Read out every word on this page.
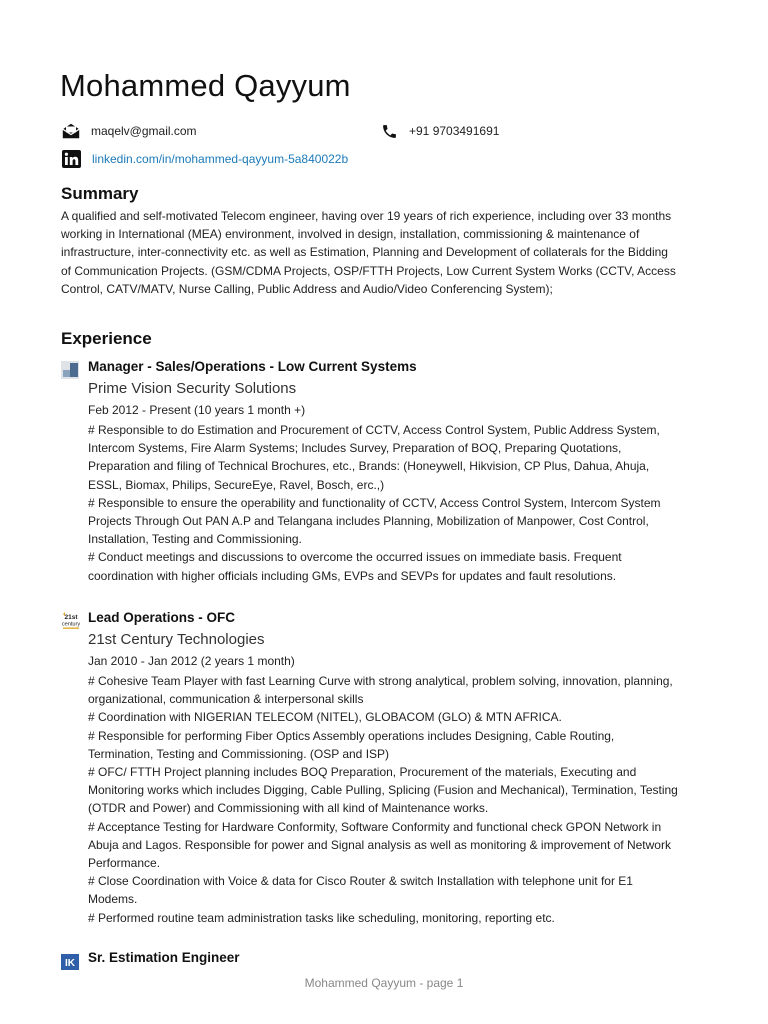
Mohammed Qayyum
maqelv@gmail.com	+91 9703491691
linkedin.com/in/mohammed-qayyum-5a840022b
Summary

A qualified and self-motivated Telecom engineer, having over 19 years of rich experience, including over 33 months working in International (MEA) environment, involved in design, installation, commissioning & maintenance of infrastructure, inter-connectivity etc. as well as Estimation, Planning and Development of collaterals for the Bidding of Communication Projects. (GSM/CDMA Projects, OSP/FTTH Projects, Low Current System Works (CCTV, Access Control, CATV/MATV, Nurse Calling, Public Address and Audio/Video Conferencing System);

Experience
Manager - Sales/Operations - Low Current Systems
Prime Vision Security Solutions
Feb 2012 - Present (10 years 1 month +)

# Responsible to do Estimation and Procurement of CCTV, Access Control System, Public Address System, Intercom Systems, Fire Alarm Systems; Includes Survey, Preparation of BOQ, Preparing Quotations, Preparation and filing of Technical Brochures, etc., Brands: (Honeywell, Hikvision, CP Plus, Dahua, Ahuja, ESSL, Biomax, Philips, SecureEye, Ravel, Bosch, erc.,)

# Responsible to ensure the operability and functionality of CCTV, Access Control System, Intercom System Projects Through Out PAN A.P and Telangana includes Planning, Mobilization of Manpower, Cost Control, Installation, Testing and Commissioning.

# Conduct meetings and discussions to overcome the occurred issues on immediate basis. Frequent coordination with higher officials including GMs, EVPs and SEVPs for updates and fault resolutions.

21st
century Lead Operations - OFC
21st Century Technologies
Jan 2010 - Jan 2012 (2 years 1 month)

# Cohesive Team Player with fast Learning Curve with strong analytical, problem solving, innovation, planning, organizational, communication & interpersonal skills

# Coordination with NIGERIAN TELECOM (NITEL), GLOBACOM (GLO) & MTN AFRICA.

# Responsible for performing Fiber Optics Assembly operations includes Designing, Cable Routing, Termination, Testing and Commissioning. (OSP and ISP)

# OFC/ FTTH Project planning includes BOQ Preparation, Procurement of the materials, Executing and Monitoring works which includes Digging, Cable Pulling, Splicing (Fusion and Mechanical), Termination, Testing (OTDR and Power) and Commissioning with all kind of Maintenance works.

# Acceptance Testing for Hardware Conformity, Software Conformity and functional check GPON Network in Abuja and Lagos. Responsible for power and Signal analysis as well as monitoring & improvement of Network Performance.

# Close Coordination with Voice & data for Cisco Router & switch Installation with telephone unit for E1 Modems.

# Performed routine team administration tasks like scheduling, monitoring, reporting etc.

IK Sr. Estimation Engineer
Mohammed Qayyum - page 1
